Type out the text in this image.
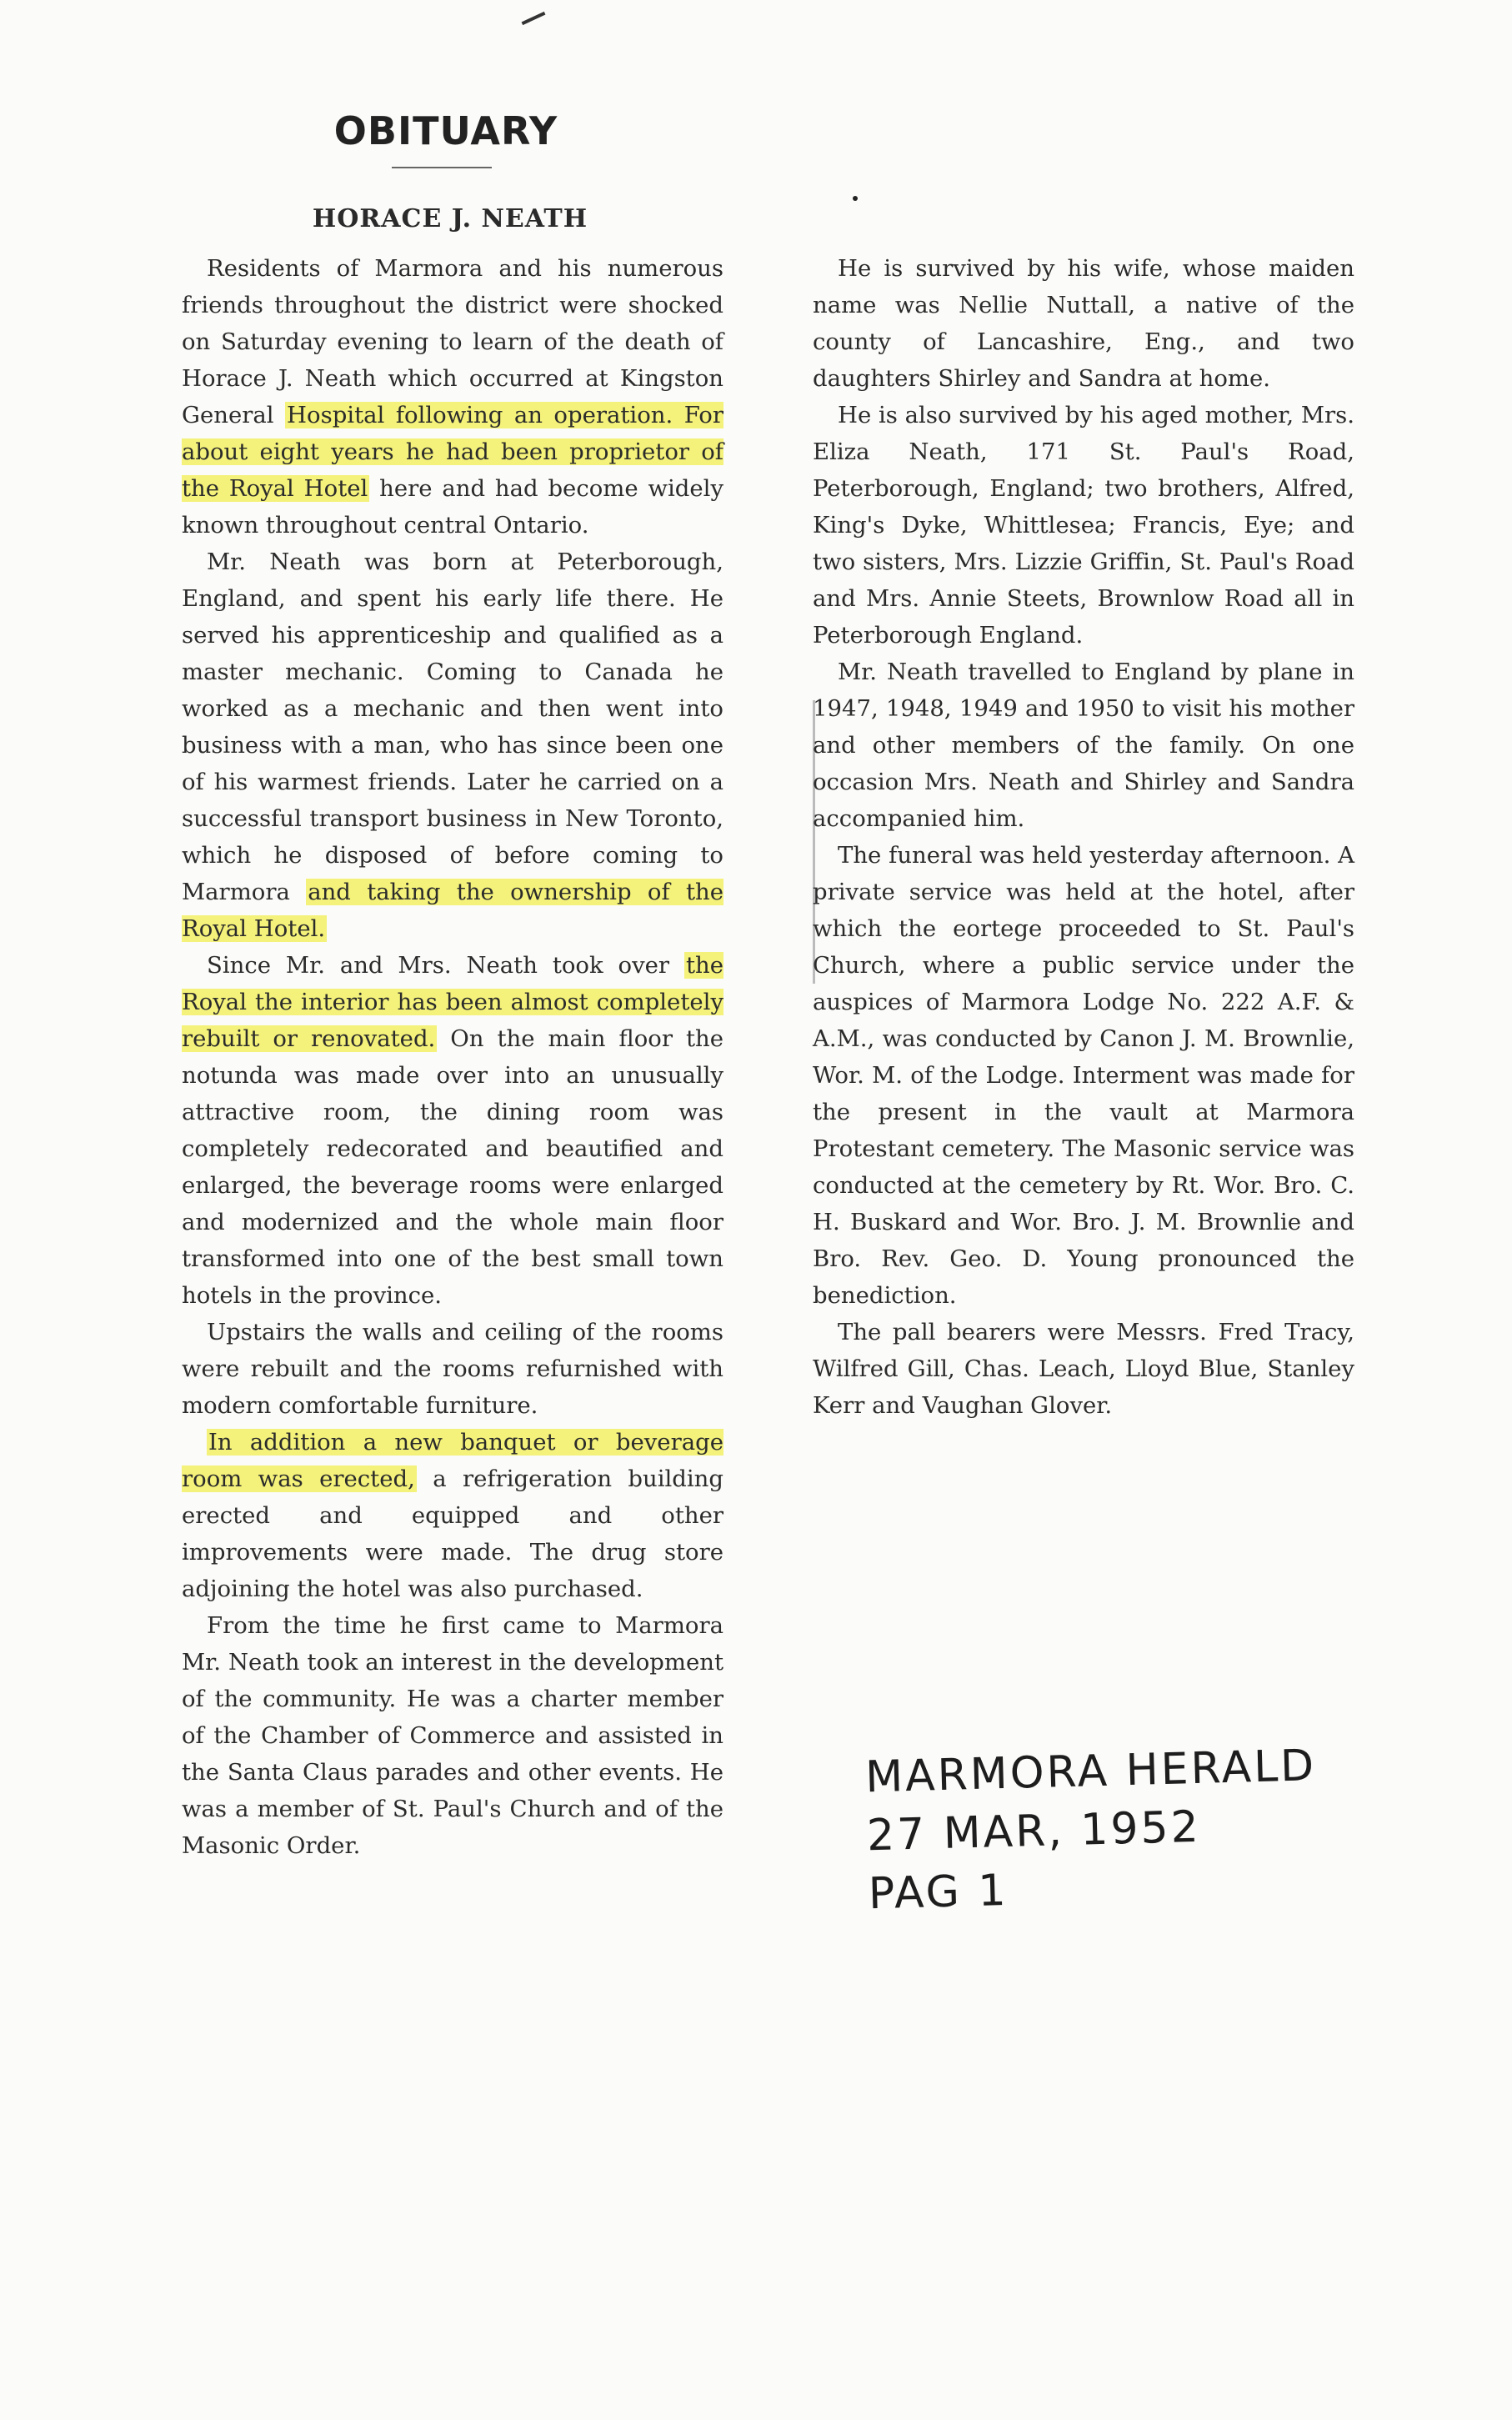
OBITUARY
HORACE J. NEATH

Residents of Marmora and his numerous friends throughout the district were shocked on Saturday evening to learn of the death of Horace J. Neath which occurred at Kingston General Hospital following an operation. For about eight years he had been proprietor of the Royal Hotel here and had become widely known throughout central Ontario.

Mr. Neath was born at Peterborough, England, and spent his early life there. He served his apprenticeship and qualified as a master mechanic. Coming to Canada he worked as a mechanic and then went into business with a man, who has since been one of his warmest friends. Later he carried on a successful transport business in New Toronto, which he disposed of before coming to Marmora and taking the ownership of the Royal Hotel.

Since Mr. and Mrs. Neath took over the Royal the interior has been almost completely rebuilt or renovated. On the main floor the notunda was made over into an unusually attractive room, the dining room was completely redecorated and beautified and enlarged, the beverage rooms were enlarged and modernized and the whole main floor transformed into one of the best small town hotels in the province.

Upstairs the walls and ceiling of the rooms were rebuilt and the rooms refurnished with modern comfortable furniture.

In addition a new banquet or beverage room was erected, a refrigeration building erected and equipped and other improvements were made. The drug store adjoining the hotel was also purchased.

From the time he first came to Marmora Mr. Neath took an interest in the development of the community. He was a charter member of the Chamber of Commerce and assisted in the Santa Claus parades and other events. He was a member of St. Paul's Church and of the Masonic Order.

He is survived by his wife, whose maiden name was Nellie Nuttall, a native of the county of Lancashire, Eng., and two daughters Shirley and Sandra at home.

He is also survived by his aged mother, Mrs. Eliza Neath, 171 St. Paul's Road, Peterborough, England; two brothers, Alfred, King's Dyke, Whittlesea; Francis, Eye; and two sisters, Mrs. Lizzie Griffin, St. Paul's Road and Mrs. Annie Steets, Brownlow Road all in Peterborough England.

Mr. Neath travelled to England by plane in 1947, 1948, 1949 and 1950 to visit his mother and other members of the family. On one occasion Mrs. Neath and Shirley and Sandra accompanied him.

The funeral was held yesterday afternoon. A private service was held at the hotel, after which the eortege proceeded to St. Paul's Church, where a public service under the auspices of Marmora Lodge No. 222 A.F. & A.M., was conducted by Canon J. M. Brownlie, Wor. M. of the Lodge. Interment was made for the present in the vault at Marmora Protestant cemetery. The Masonic service was conducted at the cemetery by Rt. Wor. Bro. C. H. Buskard and Wor. Bro. J. M. Brownlie and Bro. Rev. Geo. D. Young pronounced the benediction.

The pall bearers were Messrs. Fred Tracy, Wilfred Gill, Chas. Leach, Lloyd Blue, Stanley Kerr and Vaughan Glover.

MARMORA HERALD
27 MAR, 1952
PAG 1
